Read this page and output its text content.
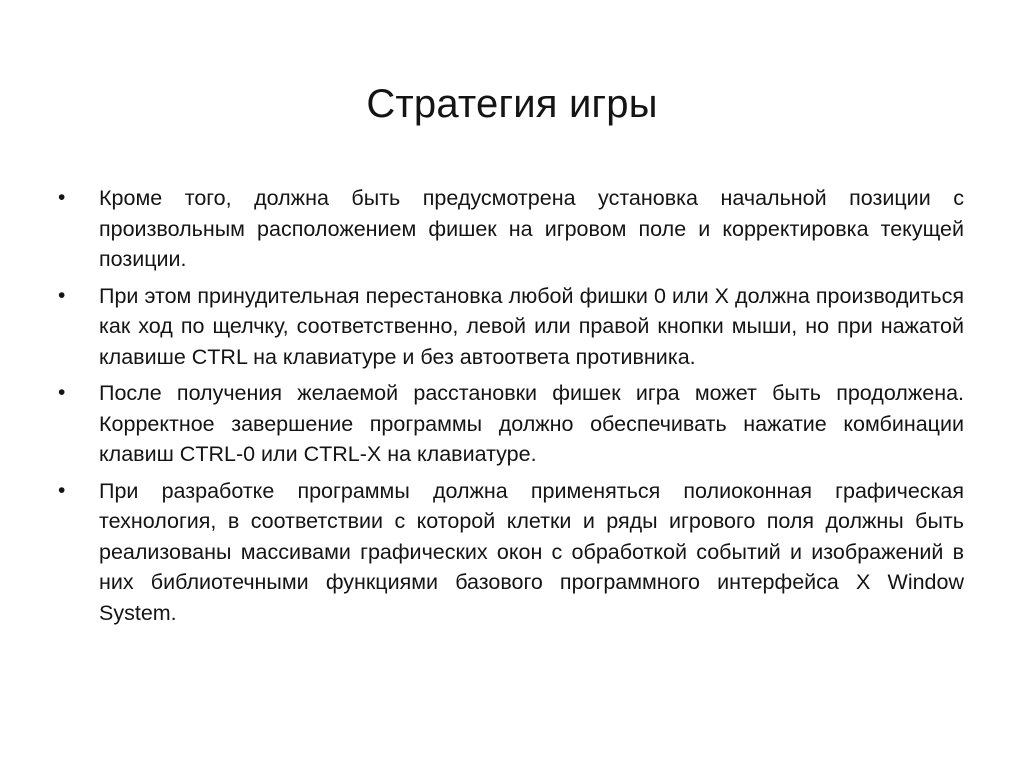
Стратегия игры
• Кроме того, должна быть предусмотрена установка начальной позиции с произвольным расположением фишек на игровом поле и корректировка текущей позиции.
• При этом принудительная перестановка любой фишки 0 или X должна производиться как ход по щелчку, соответственно, левой или правой кнопки мыши, но при нажатой клавише CTRL на клавиатуре и без автоответа противника.
• После получения желаемой расстановки фишек игра может быть продолжена. Корректное завершение программы должно обеспечивать нажатие комбинации клавиш CTRL-0 или CTRL-X на клавиатуре.
• При разработке программы должна применяться полиоконная графическая технология, в соответствии с которой клетки и ряды игрового поля должны быть реализованы массивами графических окон с обработкой событий и изображений в них библиотечными функциями базового программного интерфейса X Window System.
